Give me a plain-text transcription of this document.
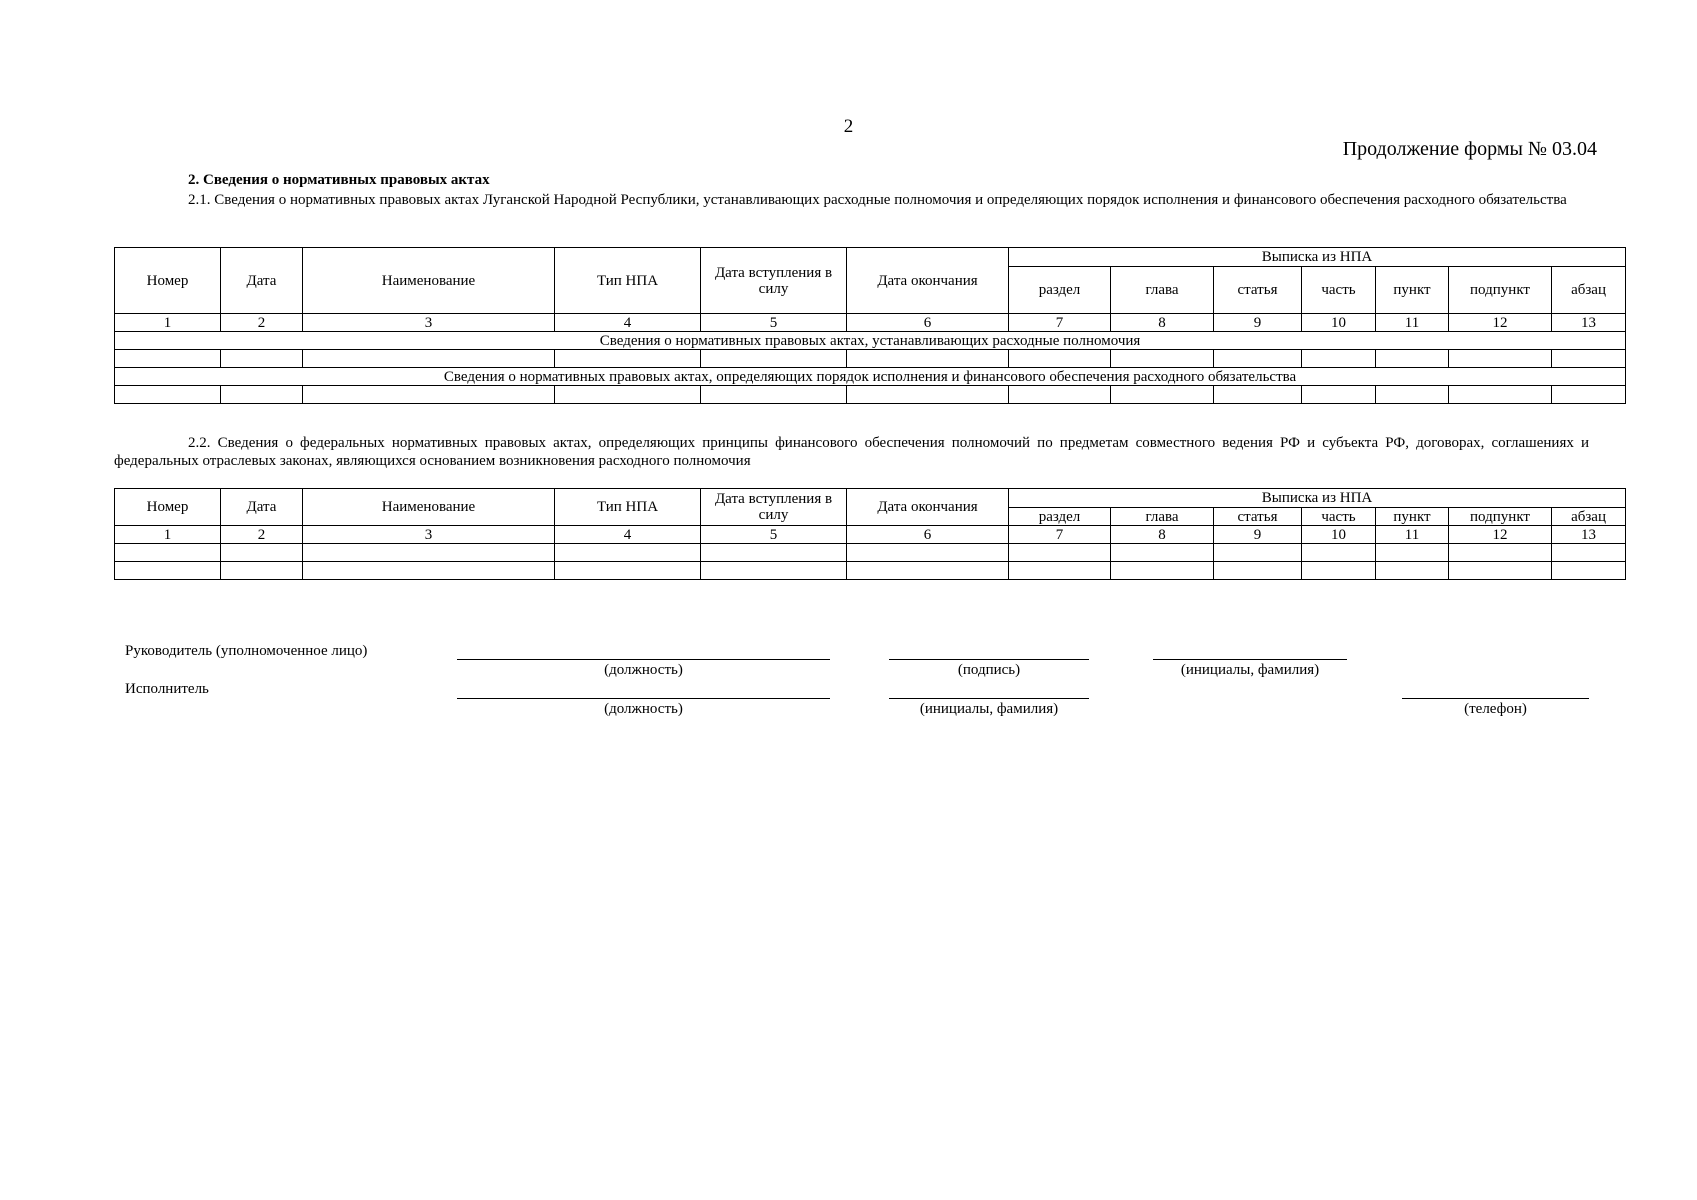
2
Продолжение формы № 03.04
2. Сведения о нормативных правовых актах
2.1. Сведения о нормативных правовых актах Луганской Народной Республики, устанавливающих расходные полномочия и определяющих порядок исполнения и финансового обеспечения расходного обязательства
Номер	Дата	Наименование	Тип НПА	Дата вступления в силу	Дата окончания	Выписка из НПА						
						раздел	глава	статья	часть	пункт	подпункт	абзац
1	2	3	4	5	6	7	8	9	10	11	12	13
Сведения о нормативных правовых актах, устанавливающих расходные полномочия												

Сведения о нормативных правовых актах, определяющих порядок исполнения и финансового обеспечения расходного обязательства												

2.2. Сведения о федеральных нормативных правовых актах, определяющих принципы финансового обеспечения полномочий по предметам совместного ведения РФ и субъекта РФ, договорах, соглашениях и федеральных отраслевых законах, являющихся основанием возникновения расходного полномочия
Номер	Дата	Наименование	Тип НПА	Дата вступления в силу	Дата окончания	Выписка из НПА						
						раздел	глава	статья	часть	пункт	подпункт	абзац
1	2	3	4	5	6	7	8	9	10	11	12	13

Руководитель (уполномоченное лицо)
Исполнитель
(должность)	(подпись)	(инициалы, фамилия)
(должность)	(инициалы, фамилия)	(телефон)
